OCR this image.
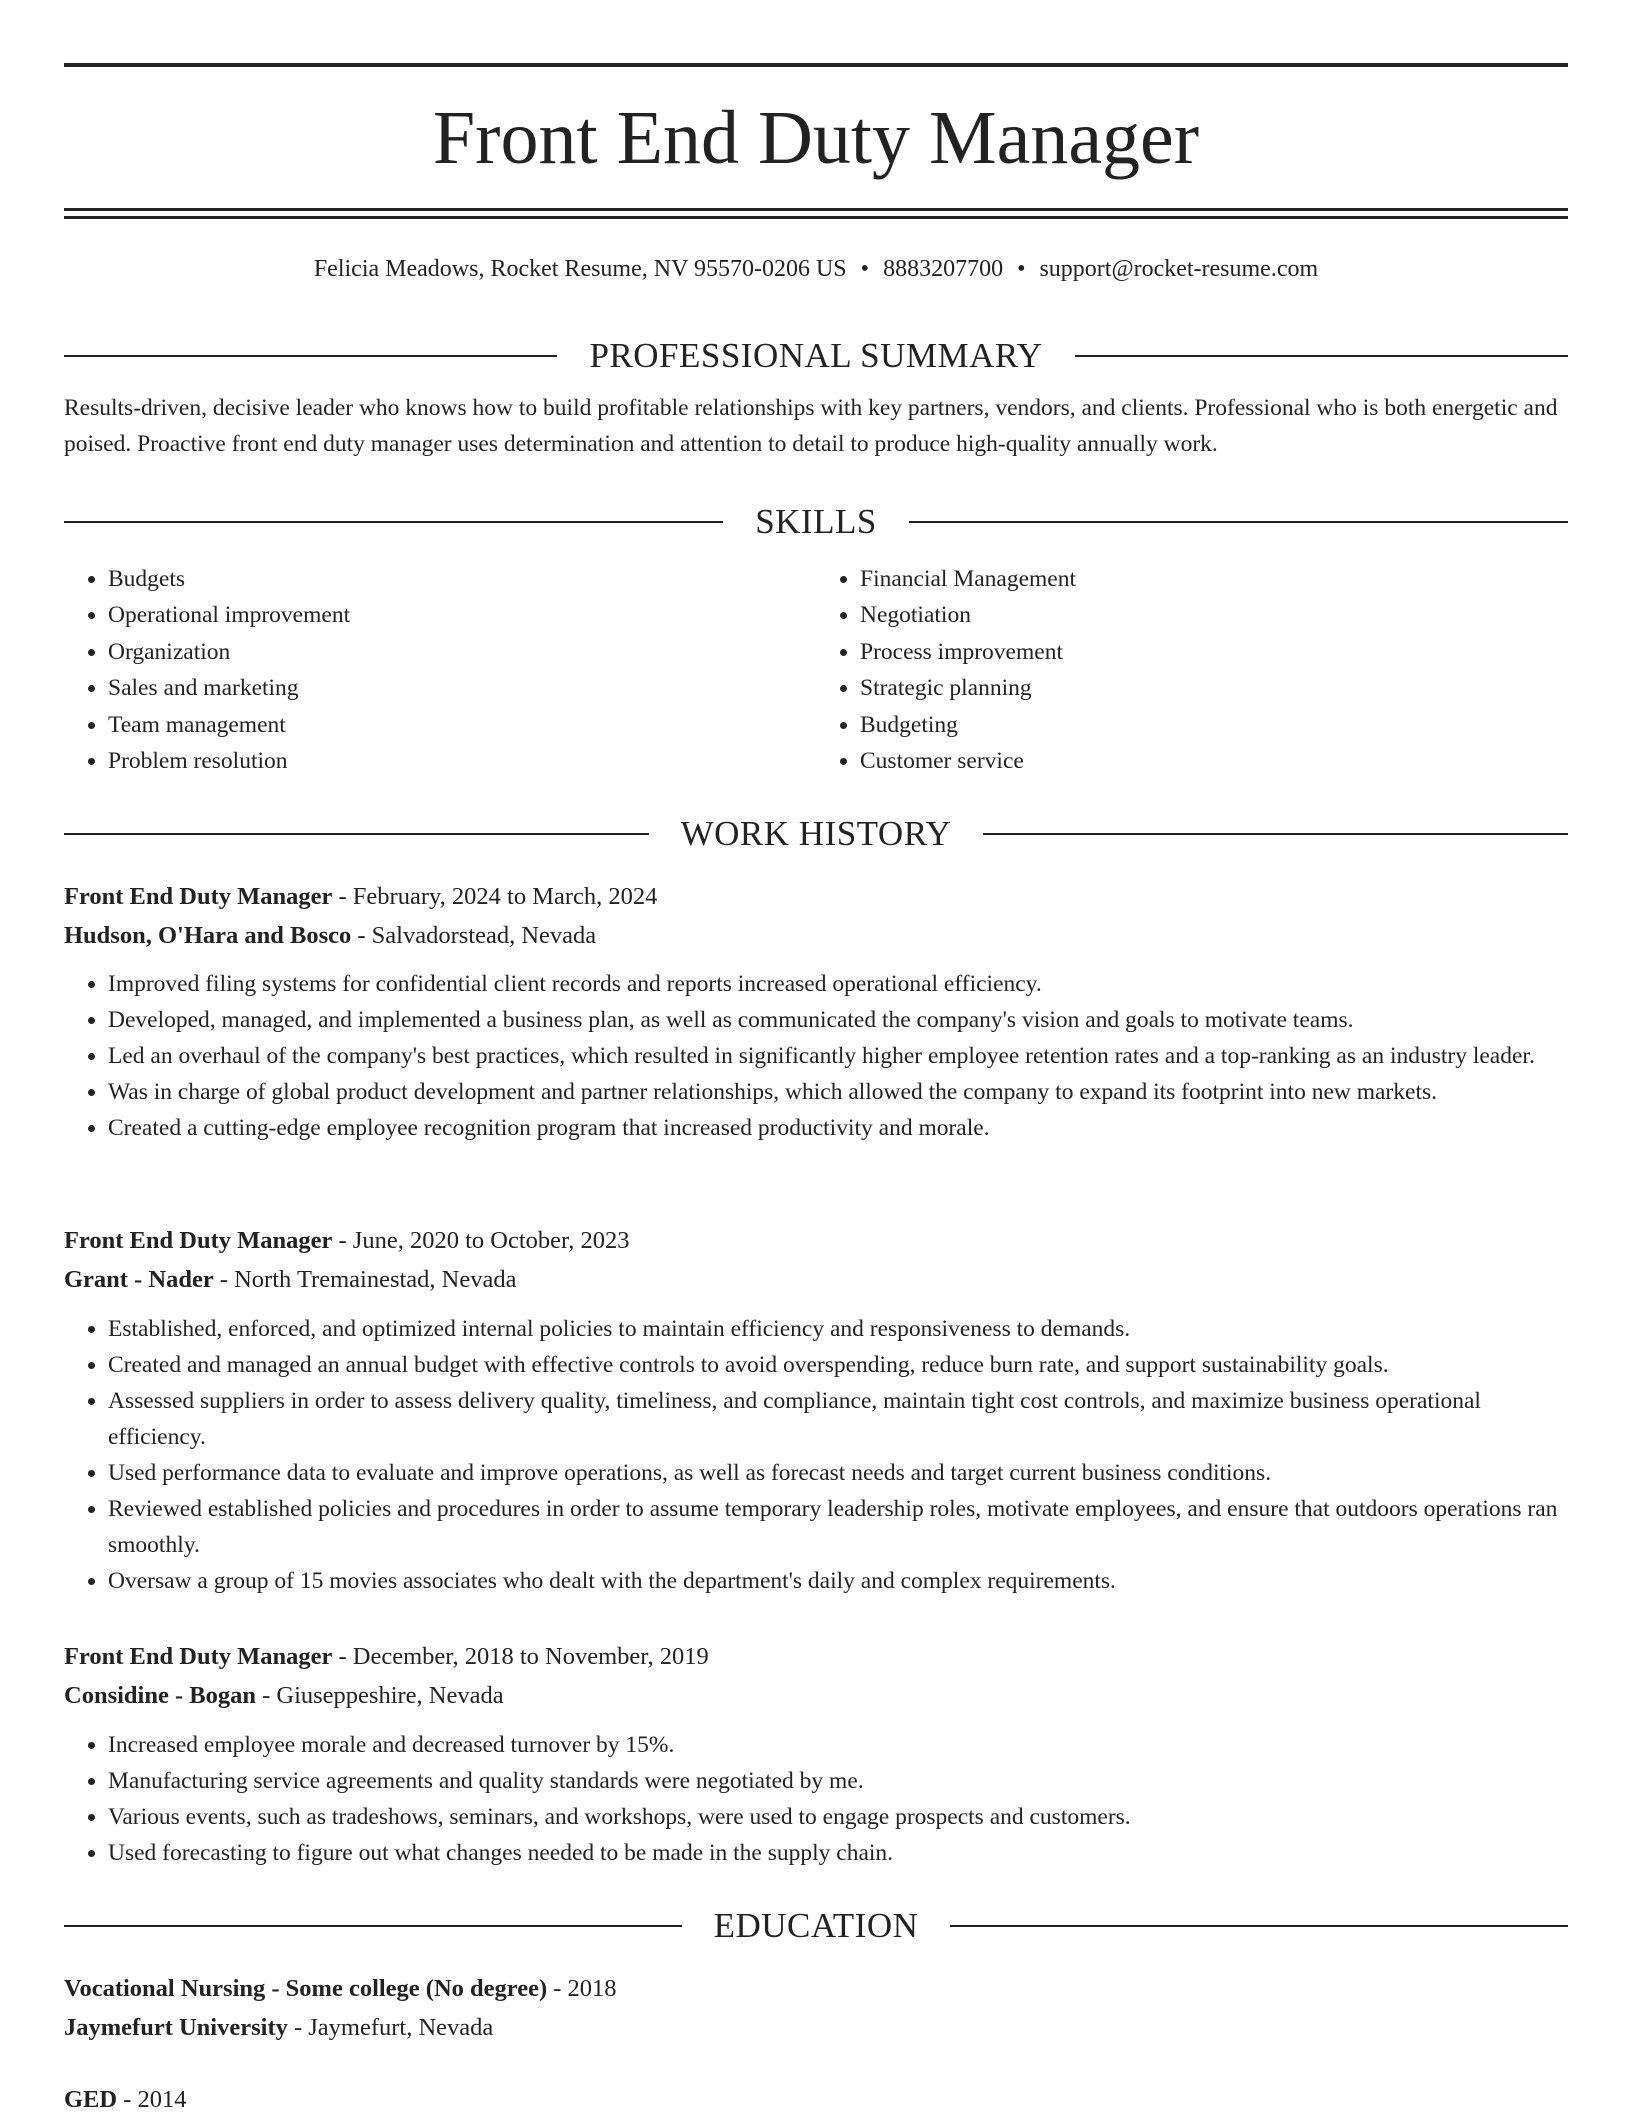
Front End Duty Manager
Felicia Meadows, Rocket Resume, NV 95570-0206 US • 8883207700 • support@rocket-resume.com
PROFESSIONAL SUMMARY

Results-driven, decisive leader who knows how to build profitable relationships with key partners, vendors, and clients. Professional who is both energetic and poised. Proactive front end duty manager uses determination and attention to detail to produce high-quality annually work.

SKILLS
• Budgets
• Operational improvement
• Organization
• Sales and marketing
• Team management
• Problem resolution
• Financial Management
• Negotiation
• Process improvement
• Strategic planning
• Budgeting
• Customer service
WORK HISTORY
Front End Duty Manager - February, 2024 to March, 2024
Hudson, O'Hara and Bosco - Salvadorstead, Nevada
• Improved filing systems for confidential client records and reports increased operational efficiency.
• Developed, managed, and implemented a business plan, as well as communicated the company's vision and goals to motivate teams.
• Led an overhaul of the company's best practices, which resulted in significantly higher employee retention rates and a top-ranking as an industry leader.
• Was in charge of global product development and partner relationships, which allowed the company to expand its footprint into new markets.
• Created a cutting-edge employee recognition program that increased productivity and morale.
Front End Duty Manager - June, 2020 to October, 2023
Grant - Nader - North Tremainestad, Nevada
• Established, enforced, and optimized internal policies to maintain efficiency and responsiveness to demands.
• Created and managed an annual budget with effective controls to avoid overspending, reduce burn rate, and support sustainability goals.
• Assessed suppliers in order to assess delivery quality, timeliness, and compliance, maintain tight cost controls, and maximize business operational efficiency.
• Used performance data to evaluate and improve operations, as well as forecast needs and target current business conditions.
• Reviewed established policies and procedures in order to assume temporary leadership roles, motivate employees, and ensure that outdoors operations ran smoothly.
• Oversaw a group of 15 movies associates who dealt with the department's daily and complex requirements.
Front End Duty Manager - December, 2018 to November, 2019
Considine - Bogan - Giuseppeshire, Nevada
• Increased employee morale and decreased turnover by 15%.
• Manufacturing service agreements and quality standards were negotiated by me.
• Various events, such as tradeshows, seminars, and workshops, were used to engage prospects and customers.
• Used forecasting to figure out what changes needed to be made in the supply chain.
EDUCATION
Vocational Nursing - Some college (No degree) - 2018
Jaymefurt University - Jaymefurt, Nevada
GED - 2014
